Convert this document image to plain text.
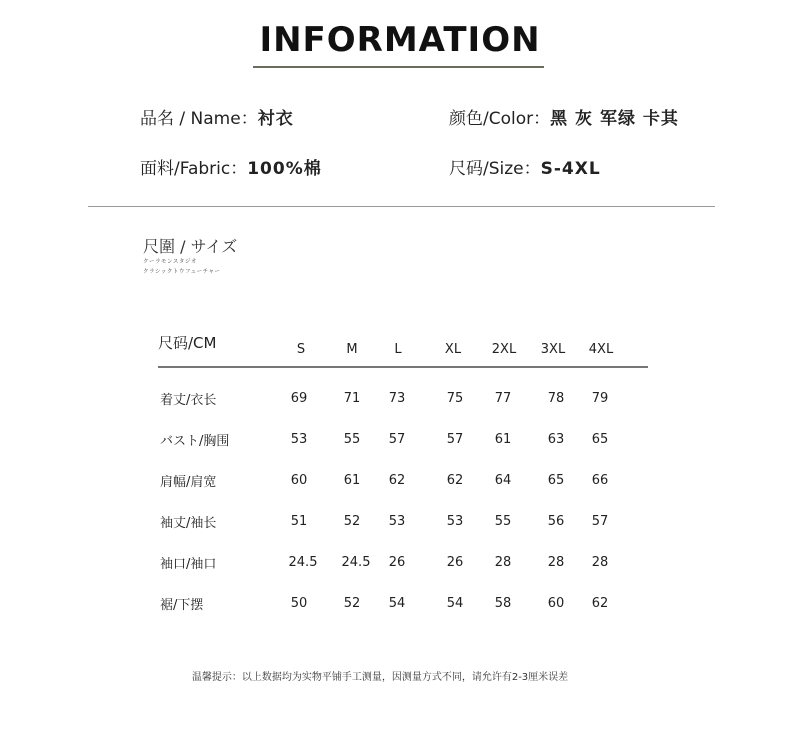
INFORMATION
品名 / Name：衬衣	颜色/Color：黑 灰 军绿 卡其
面料/Fabric：100%棉	尺码/Size：S-4XL
尺圍 / サイズ
クーラモンスタジオ
クラシックトウフューチャー
尺码/CM	S	M	L	XL	2XL	3XL	4XL
着丈/衣长	69	71	73	75	77	78	79
バスト/胸围	53	55	57	57	61	63	65
肩幅/肩宽	60	61	62	62	64	65	66
袖丈/袖长	51	52	53	53	55	56	57
袖口/袖口	24.5	24.5	26	26	28	28	28
裾/下摆	50	52	54	54	58	60	62
温馨提示：以上数据均为实物平铺手工测量，因测量方式不同，请允许有2-3厘米误差
